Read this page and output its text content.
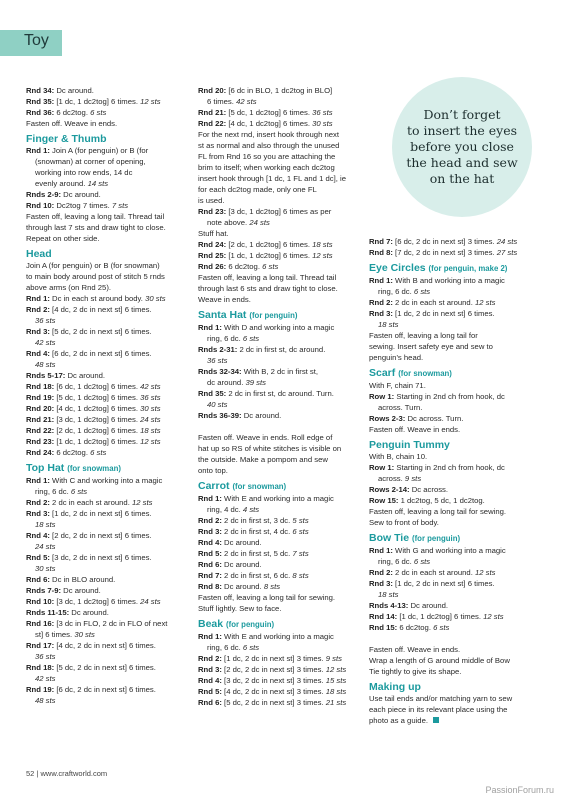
Toy
Don’t forget
to insert the eyes
before you close
the head and sew
on the hat
Rnd 34: Dc around.
Rnd 35: [1 dc, 1 dc2tog] 6 times. 12 sts
Rnd 36: 6 dc2tog. 6 sts
Fasten off. Weave in ends.
Finger & Thumb
Rnd 1: Join A (for penguin) or B (for
(snowman) at corner of opening,
working into row ends, 14 dc
evenly around. 14 sts
Rnds 2-9: Dc around.
Rnd 10: Dc2tog 7 times. 7 sts
Fasten off, leaving a long tail. Thread tail
through last 7 sts and draw tight to close.
Repeat on other side.
Head
Join A (for penguin) or B (for snowman)
to main body around post of stitch 5 rnds
above arms (on Rnd 25).
Rnd 1: Dc in each st around body. 30 sts
Rnd 2: [4 dc, 2 dc in next st] 6 times.
36 sts
Rnd 3: [5 dc, 2 dc in next st] 6 times.
42 sts
Rnd 4: [6 dc, 2 dc in next st] 6 times.
48 sts
Rnds 5-17: Dc around.
Rnd 18: [6 dc, 1 dc2tog] 6 times. 42 sts
Rnd 19: [5 dc, 1 dc2tog] 6 times. 36 sts
Rnd 20: [4 dc, 1 dc2tog] 6 times. 30 sts
Rnd 21: [3 dc, 1 dc2tog] 6 times. 24 sts
Rnd 22: [2 dc, 1 dc2tog] 6 times. 18 sts
Rnd 23: [1 dc, 1 dc2tog] 6 times. 12 sts
Rnd 24: 6 dc2tog. 6 sts
Top Hat (for snowman)
Rnd 1: With C and working into a magic
ring, 6 dc. 6 sts
Rnd 2: 2 dc in each st around. 12 sts
Rnd 3: [1 dc, 2 dc in next st] 6 times.
18 sts
Rnd 4: [2 dc, 2 dc in next st] 6 times.
24 sts
Rnd 5: [3 dc, 2 dc in next st] 6 times.
30 sts
Rnd 6: Dc in BLO around.
Rnds 7-9: Dc around.
Rnd 10: [3 dc, 1 dc2tog] 6 times. 24 sts
Rnds 11-15: Dc around.
Rnd 16: [3 dc in FLO, 2 dc in FLO of next
st] 6 times. 30 sts
Rnd 17: [4 dc, 2 dc in next st] 6 times.
36 sts
Rnd 18: [5 dc, 2 dc in next st] 6 times.
42 sts
Rnd 19: [6 dc, 2 dc in next st] 6 times.
48 sts
Rnd 20: [6 dc in BLO, 1 dc2tog in BLO]
6 times. 42 sts
Rnd 21: [5 dc, 1 dc2tog] 6 times. 36 sts
Rnd 22: [4 dc, 1 dc2tog] 6 times. 30 sts
For the next rnd, insert hook through next
st as normal and also through the unused
FL from Rnd 16 so you are attaching the
brim to itself; when working each dc2tog
insert hook through [1 dc, 1 FL and 1 dc], ie
for each dc2tog made, only one FL
is used.
Rnd 23: [3 dc, 1 dc2tog] 6 times as per
note above. 24 sts
Stuff hat.
Rnd 24: [2 dc, 1 dc2tog] 6 times. 18 sts
Rnd 25: [1 dc, 1 dc2tog] 6 times. 12 sts
Rnd 26: 6 dc2tog. 6 sts
Fasten off, leaving a long tail. Thread tail
through last 6 sts and draw tight to close.
Weave in ends.
Santa Hat (for penguin)
Rnd 1: With D and working into a magic
ring, 6 dc. 6 sts
Rnds 2-31: 2 dc in first st, dc around.
36 sts
Rnds 32-34: With B, 2 dc in first st,
dc around. 39 sts
Rnd 35: 2 dc in first st, dc around. Turn.
40 sts
Rnds 36-39: Dc around.
Fasten off. Weave in ends. Roll edge of
hat up so RS of white stitches is visible on
the outside. Make a pompom and sew
onto top.
Carrot (for snowman)
Rnd 1: With E and working into a magic
ring, 4 dc. 4 sts
Rnd 2: 2 dc in first st, 3 dc. 5 sts
Rnd 3: 2 dc in first st, 4 dc. 6 sts
Rnd 4: Dc around.
Rnd 5: 2 dc in first st, 5 dc. 7 sts
Rnd 6: Dc around.
Rnd 7: 2 dc in first st, 6 dc. 8 sts
Rnd 8: Dc around. 8 sts
Fasten off, leaving a long tail for sewing.
Stuff lightly. Sew to face.
Beak (for penguin)
Rnd 1: With E and working into a magic
ring, 6 dc. 6 sts
Rnd 2: [1 dc, 2 dc in next st] 3 times. 9 sts
Rnd 3: [2 dc, 2 dc in next st] 3 times. 12 sts
Rnd 4: [3 dc, 2 dc in next st] 3 times. 15 sts
Rnd 5: [4 dc, 2 dc in next st] 3 times. 18 sts
Rnd 6: [5 dc, 2 dc in next st] 3 times. 21 sts
Rnd 7: [6 dc, 2 dc in next st] 3 times. 24 sts
Rnd 8: [7 dc, 2 dc in next st] 3 times. 27 sts
Eye Circles (for penguin, make 2)
Rnd 1: With B and working into a magic
ring, 6 dc. 6 sts
Rnd 2: 2 dc in each st around. 12 sts
Rnd 3: [1 dc, 2 dc in next st] 6 times.
18 sts
Fasten off, leaving a long tail for
sewing. Insert safety eye and sew to
penguin’s head.
Scarf (for snowman)
With F, chain 71.
Row 1: Starting in 2nd ch from hook, dc
across. Turn.
Rows 2-3: Dc across. Turn.
Fasten off. Weave in ends.
Penguin Tummy
With B, chain 10.
Row 1: Starting in 2nd ch from hook, dc
across. 9 sts
Rows 2-14: Dc across.
Row 15: 1 dc2tog, 5 dc, 1 dc2tog.
Fasten off, leaving a long tail for sewing.
Sew to front of body.
Bow Tie (for penguin)
Rnd 1: With G and working into a magic
ring, 6 dc. 6 sts
Rnd 2: 2 dc in each st around. 12 sts
Rnd 3: [1 dc, 2 dc in next st] 6 times.
18 sts
Rnds 4-13: Dc around.
Rnd 14: [1 dc, 1 dc2tog] 6 times. 12 sts
Rnd 15: 6 dc2tog. 6 sts
Fasten off. Weave in ends.
Wrap a length of G around middle of Bow
Tie tightly to give its shape.
Making up
Use tail ends and/or matching yarn to sew
each piece in its relevant place using the
photo as a guide.
52 | www.craftworld.com
PassionForum.ru
